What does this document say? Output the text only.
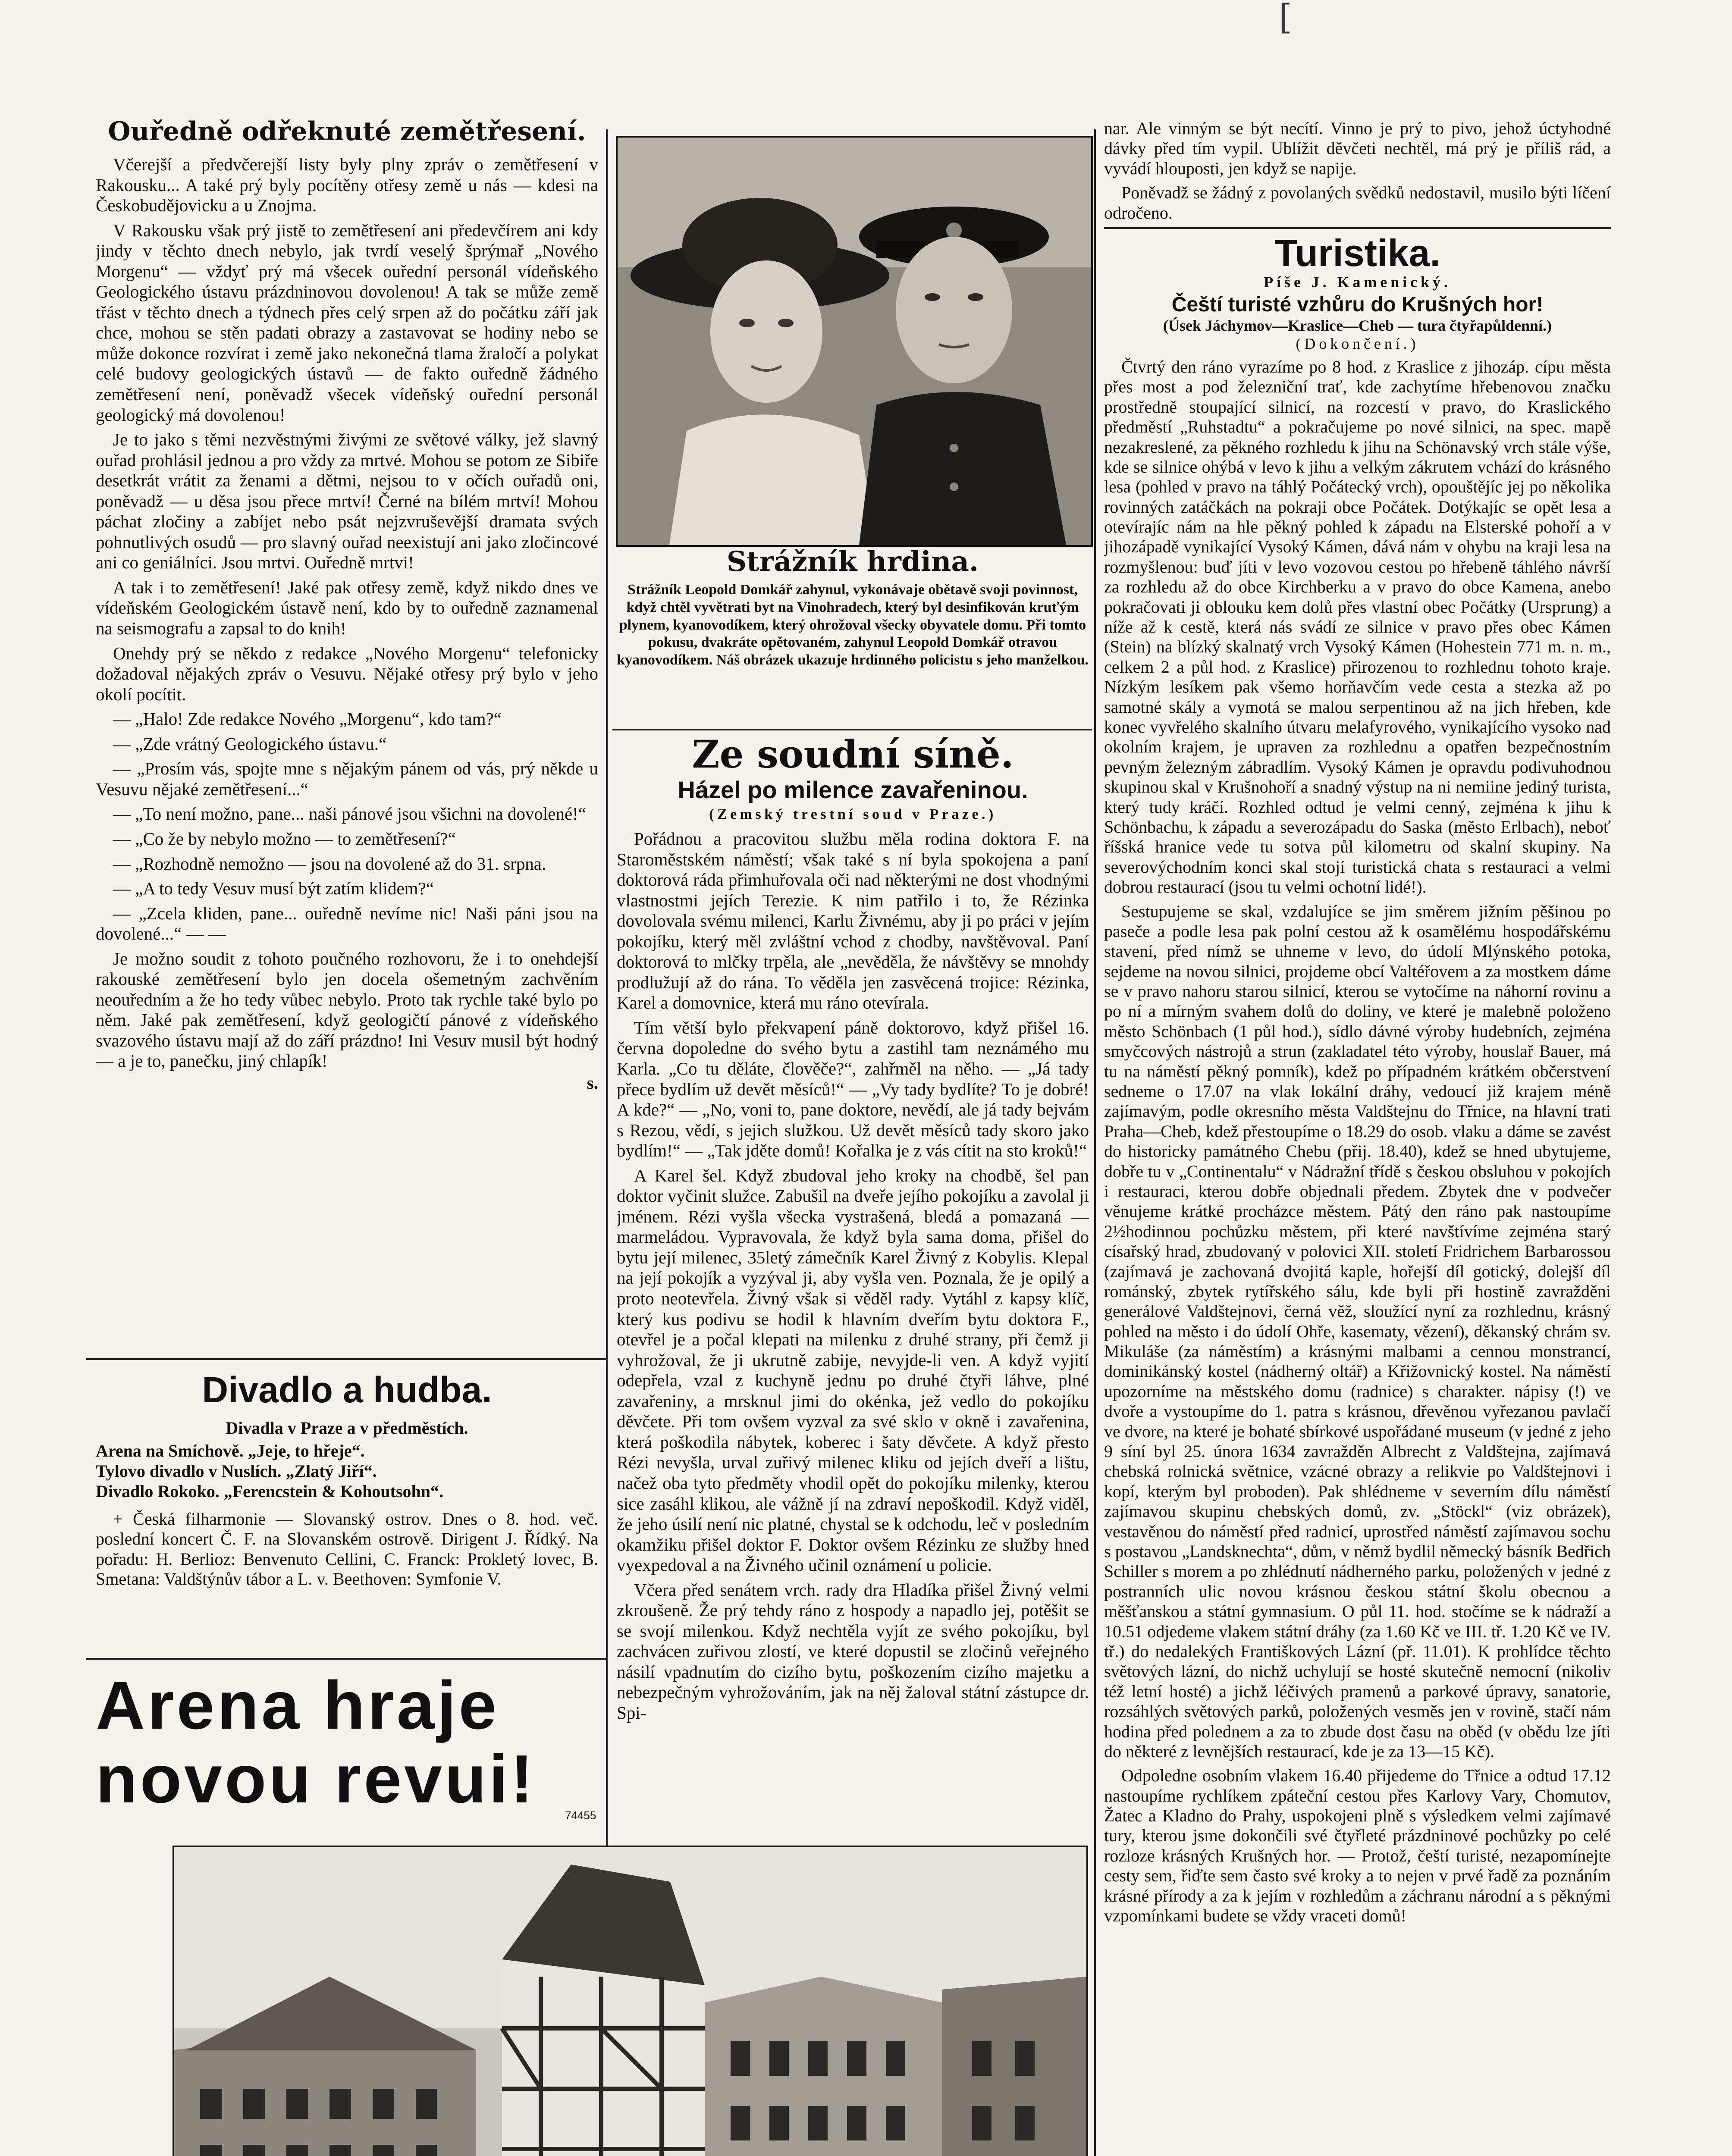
[
Ouředně odřeknuté zemětřesení.

Včerejší a předvčerejší listy byly plny zpráv o zemětřesení v Rakousku... A také prý byly pocítěny otřesy země u nás — kdesi na Českobudějovicku a u Znojma.

V Rakousku však prý jistě to zemětřesení ani předevčírem ani kdy jindy v těchto dnech nebylo, jak tvrdí veselý šprýmař „Nového Morgenu“ — vždyť prý má všecek ouřední personál vídeňského Geologického ústavu prázdninovou dovolenou! A tak se může země třást v těchto dnech a týdnech přes celý srpen až do počátku září jak chce, mohou se stěn padati obrazy a zastavovat se hodiny nebo se může dokonce rozvírat i země jako nekonečná tlama žraločí a polykat celé budovy geologických ústavů — de fakto ouředně žádného zemětřesení není, poněvadž všecek vídeňský ouřední personál geologický má dovolenou!

Je to jako s těmi nezvěstnými živými ze světové války, jež slavný ouřad prohlásil jednou a pro vždy za mrtvé. Mohou se potom ze Sibiře desetkrát vrátit za ženami a dětmi, nejsou to v očích ouřadů oni, poněvadž — u děsa jsou přece mrtví! Černé na bílém mrtví! Mohou páchat zločiny a zabíjet nebo psát nejzvruševější dramata svých pohnutlivých osudů — pro slavný ouřad neexistují ani jako zločincové ani co geniálníci. Jsou mrtvi. Ouředně mrtvi!

A tak i to zemětřesení! Jaké pak otřesy země, když nikdo dnes ve vídeňském Geologickém ústavě není, kdo by to ouředně zaznamenal na seismografu a zapsal to do knih!

Onehdy prý se někdo z redakce „Nového Morgenu“ telefonicky dožadoval nějakých zpráv o Vesuvu. Nějaké otřesy prý bylo v jeho okolí pocítit.

— „Halo! Zde redakce Nového „Morgenu“, kdo tam?“

— „Zde vrátný Geologického ústavu.“

— „Prosím vás, spojte mne s nějakým pánem od vás, prý někde u Vesuvu nějaké zemětřesení...“

— „To není možno, pane... naši pánové jsou všichni na dovolené!“

— „Co že by nebylo možno — to zemětřesení?“

— „Rozhodně nemožno — jsou na dovolené až do 31. srpna.

— „A to tedy Vesuv musí být zatím klidem?“

— „Zcela kliden, pane... ouředně nevíme nic! Naši páni jsou na dovolené...“ — —

Je možno soudit z tohoto poučného rozhovoru, že i to onehdejší rakouské zemětřesení bylo jen docela ošemetným zachvěním neouředním a že ho tedy vůbec nebylo. Proto tak rychle také bylo po něm. Jaké pak zemětřesení, když geologičtí pánové z vídeňského svazového ústavu mají až do září prázdno! Ini Vesuv musil být hodný — a je to, panečku, jiný chlapík!

s.
Divadlo a hudba.
Divadla v Praze a v předměstích.
Arena na Smíchově. „Jeje, to hřeje“.
Tylovo divadlo v Nuslích. „Zlatý Jiří“.
Divadlo Rokoko. „Ferencstein & Kohoutsohn“.

+ Česká filharmonie — Slovanský ostrov. Dnes o 8. hod. več. poslední koncert Č. F. na Slovanském ostrově. Dirigent J. Řídký. Na pořadu: H. Berlioz: Benvenuto Cellini, C. Franck: Prokletý lovec, B. Smetana: Valdštýnův tábor a L. v. Beethoven: Symfonie V.

Arena hraje novou revui!	74455
Strážník hrdina.
Strážník Leopold Domkář zahynul, vykonávaje obětavě svoji povinnost, když chtěl vyvětrati byt na Vinohradech, který byl desinfikován kruťým plynem, kyanovodíkem, který ohrožoval všecky obyvatele domu. Při tomto pokusu, dvakráte opětovaném, zahynul Leopold Domkář otravou kyanovodíkem. Náš obrázek ukazuje hrdinného policistu s jeho manželkou.
Ze soudní síně.
Házel po milence zavařeninou.
(Zemský trestní soud v Praze.)

Pořádnou a pracovitou službu měla rodina doktora F. na Staroměstském náměstí; však také s ní byla spokojena a paní doktorová ráda přimhuřovala oči nad některými ne dost vhodnými vlastnostmi jejích Terezie. K nim patřilo i to, že Rézinka dovolovala svému milenci, Karlu Živnému, aby ji po práci v jejím pokojíku, který měl zvláštní vchod z chodby, navštěvoval. Paní doktorová to mlčky trpěla, ale „nevěděla, že návštěvy se mnohdy prodlužují až do rána. To věděla jen zasvěcená trojice: Rézinka, Karel a domovnice, která mu ráno otevírala.

Tím větší bylo překvapení páně doktorovo, když přišel 16. června dopoledne do svého bytu a zastihl tam neznámého mu Karla. „Co tu děláte, člověče?“, zahřměl na něho. — „Já tady přece bydlím už devět měsíců!“ — „Vy tady bydlíte? To je dobré! A kde?“ — „No, voni to, pane doktore, nevědí, ale já tady bejvám s Rezou, vědí, s jejich služkou. Už devět měsíců tady skoro jako bydlím!“ — „Tak jděte domů! Kořalka je z vás cítit na sto kroků!“

A Karel šel. Když zbudoval jeho kroky na chodbě, šel pan doktor vyčinit služce. Zabušil na dveře jejího pokojíku a zavolal ji jménem. Rézi vyšla všecka vystrašená, bledá a pomazaná — marmeládou. Vypravovala, že když byla sama doma, přišel do bytu její milenec, 35letý zámečník Karel Živný z Kobylis. Klepal na její pokojík a vyzýval ji, aby vyšla ven. Poznala, že je opilý a proto neotevřela. Živný však si věděl rady. Vytáhl z kapsy klíč, který kus podivu se hodil k hlavním dveřím bytu doktora F., otevřel je a počal klepati na milenku z druhé strany, při čemž ji vyhrožoval, že ji ukrutně zabije, nevyjde-li ven. A když vyjití odepřela, vzal z kuchyně jednu po druhé čtyři láhve, plné zavařeniny, a mrsknul jimi do okénka, jež vedlo do pokojíku děvčete. Při tom ovšem vyzval za své sklo v okně i zavařenina, která poškodila nábytek, koberec i šaty děvčete. A když přesto Rézi nevyšla, urval zuřivý milenec kliku od jejích dveří a lištu, načež oba tyto předměty vhodil opět do pokojíku milenky, kterou sice zasáhl klikou, ale vážně jí na zdraví nepoškodil. Když viděl, že jeho úsilí není nic platné, chystal se k odchodu, leč v posledním okamžiku přišel doktor F. Doktor ovšem Rézinku ze služby hned vyexpedoval a na Živného učinil oznámení u policie.

Včera před senátem vrch. rady dra Hladíka přišel Živný velmi zkroušeně. Že prý tehdy ráno z hospody a napadlo jej, potěšit se se svojí milenkou. Když nechtěla vyjít ze svého pokojíku, byl zachvácen zuřivou zlostí, ve které dopustil se zločinů veřejného násilí vpadnutím do cizího bytu, poškozením cizího majetku a nebezpečným vyhrožováním, jak na něj žaloval státní zástupce dr. Spi-

nar. Ale vinným se být necítí. Vinno je prý to pivo, jehož úctyhodné dávky před tím vypil. Ublížit děvčeti nechtěl, má prý je příliš rád, a vyvádí hlouposti, jen když se napije.

Poněvadž se žádný z povolaných svědků nedostavil, musilo býti líčení odročeno.

Turistika.
Píše J. Kamenický.
Čeští turisté vzhůru do Krušných hor!
(Úsek Jáchymov—Kraslice—Cheb — tura čtyřapůldenní.)
(Dokončení.)

Čtvrtý den ráno vyrazíme po 8 hod. z Kraslice z jihozáp. cípu města přes most a pod železniční trať, kde zachytíme hřebenovou značku prostředně stoupající silnicí, na rozcestí v pravo, do Kraslického předměstí „Ruhstadtu“ a pokračujeme po nové silnici, na spec. mapě nezakreslené, za pěkného rozhledu k jihu na Schönavský vrch stále výše, kde se silnice ohýbá v levo k jihu a velkým zákrutem vchází do krásného lesa (pohled v pravo na táhlý Počátecký vrch), opouštějíc jej po několika rovinných zatáčkách na pokraji obce Počátek. Dotýkajíc se opět lesa a otevírajíc nám na hle pěkný pohled k západu na Elsterské pohoří a v jihozápadě vynikající Vysoký Kámen, dává nám v ohybu na kraji lesa na rozmyšlenou: buď jíti v levo vozovou cestou po hřebeně táhlého návrší za rozhledu až do obce Kirchberku a v pravo do obce Kamena, anebo pokračovati ji oblouku kem dolů přes vlastní obec Počátky (Ursprung) a níže až k cestě, která nás svádí ze silnice v pravo přes obec Kámen (Stein) na blízký skalnatý vrch Vysoký Kámen (Hohestein 771 m. n. m., celkem 2 a půl hod. z Kraslice) přirozenou to rozhlednu tohoto kraje. Nízkým lesíkem pak všemo horňavčím vede cesta a stezka až po samotné skály a vymotá se malou serpentinou až na jich hřeben, kde konec vyvřelého skalního útvaru melafyrového, vynikajícího vysoko nad okolním krajem, je upraven za rozhlednu a opatřen bezpečnostním pevným železným zábradlím. Vysoký Kámen je opravdu podivuhodnou skupinou skal v Krušnohoří a snadný výstup na ni nemiine jediný turista, který tudy kráčí. Rozhled odtud je velmi cenný, zejména k jihu k Schönbachu, k západu a severozápadu do Saska (město Erlbach), neboť říšská hranice vede tu sotva půl kilometru od skalní skupiny. Na severovýchodním konci skal stojí turistická chata s restauraci a velmi dobrou restaurací (jsou tu velmi ochotní lidé!).

Sestupujeme se skal, vzdalujíce se jim směrem jižním pěšinou po paseče a podle lesa pak polní cestou až k osamělému hospodářskému stavení, před nímž se uhneme v levo, do údolí Mlýnského potoka, sejdeme na novou silnici, projdeme obcí Valtéřovem a za mostkem dáme se v pravo nahoru starou silnicí, kterou se vytočíme na náhorní rovinu a po ní a mírným svahem dolů do doliny, ve které je malebně položeno město Schönbach (1 půl hod.), sídlo dávné výroby hudebních, zejména smyčcových nástrojů a strun (zakladatel této výroby, houslař Bauer, má tu na náměstí pěkný pomník), kdež po případném krátkém občerstvení sedneme o 17.07 na vlak lokální dráhy, vedoucí již krajem méně zajímavým, podle okresního města Valdštejnu do Třnice, na hlavní trati Praha—Cheb, kdež přestoupíme o 18.29 do osob. vlaku a dáme se zavést do historicky památného Chebu (přij. 18.40), kdež se hned ubytujeme, dobře tu v „Continentalu“ v Nádražní třídě s českou obsluhou v pokojích i restauraci, kterou dobře objednali předem. Zbytek dne v podvečer věnujeme krátké procházce městem. Pátý den ráno pak nastoupíme 2½hodinnou pochůzku městem, při které navštívíme zejména starý císařský hrad, zbudovaný v polovici XII. století Fridrichem Barbarossou (zajímavá je zachovaná dvojitá kaple, hořejší díl gotický, dolejší díl románský, zbytek rytířského sálu, kde byli při hostině zavražděni generálové Valdštejnovi, černá věž, sloužící nyní za rozhlednu, krásný pohled na město i do údolí Ohře, kasematy, vězení), děkanský chrám sv. Mikuláše (za náměstím) a krásnými malbami a cennou monstrancí, dominikánský kostel (nádherný oltář) a Křižovnický kostel. Na náměstí upozorníme na městského domu (radnice) s charakter. nápisy (!) ve dvoře a vystoupíme do 1. patra s krásnou, dřevěnou vyřezanou pavlačí ve dvore, na které je bohaté sbírkové uspořádané museum (v jedné z jeho 9 síní byl 25. února 1634 zavražděn Albrecht z Valdštejna, zajímavá chebská rolnická světnice, vzácné obrazy a relikvie po Valdštejnovi i kopí, kterým byl proboden). Pak shlédneme v severním dílu náměstí zajímavou skupinu chebských domů, zv. „Stöckl“ (viz obrázek), vestavěnou do náměstí před radnicí, uprostřed náměstí zajímavou sochu s postavou „Landsknechta“, dům, v němž bydlil německý básník Bedřich Schiller s morem a po zhlédnutí nádherného parku, položených v jedné z postranních ulic novou krásnou českou státní školu obecnou a měšťanskou a státní gymnasium. O půl 11. hod. stočíme se k nádraží a 10.51 odjedeme vlakem státní dráhy (za 1.60 Kč ve III. tř. 1.20 Kč ve IV. tř.) do nedalekých Františkových Lázní (př. 11.01). K prohlídce těchto světových lázní, do nichž uchylují se hosté skutečně nemocní (nikoliv též letní hosté) a jichž léčivých pramenů a parkové úpravy, sanatorie, rozsáhlých světových parků, položených vesměs jen v rovině, stačí nám hodina před polednem a za to zbude dost času na oběd (v obědu lze jíti do některé z levnějších restaurací, kde je za 13—15 Kč).

Odpoledne osobním vlakem 16.40 přijedeme do Třnice a odtud 17.12 nastoupíme rychlíkem zpáteční cestou přes Karlovy Vary, Chomutov, Žatec a Kladno do Prahy, uspokojeni plně s výsledkem velmi zajímavé tury, kterou jsme dokončili své čtyřleté prázdninové pochůzky po celé rozloze krásných Krušných hor. — Protož, čeští turisté, nezapomínejte cesty sem, řiďte sem často své kroky a to nejen v prvé řadě za poznáním krásné přírody a za k jejím v rozhledům a záchranu národní a s pěknými vzpomínkami budete se vždy vraceti domů!
